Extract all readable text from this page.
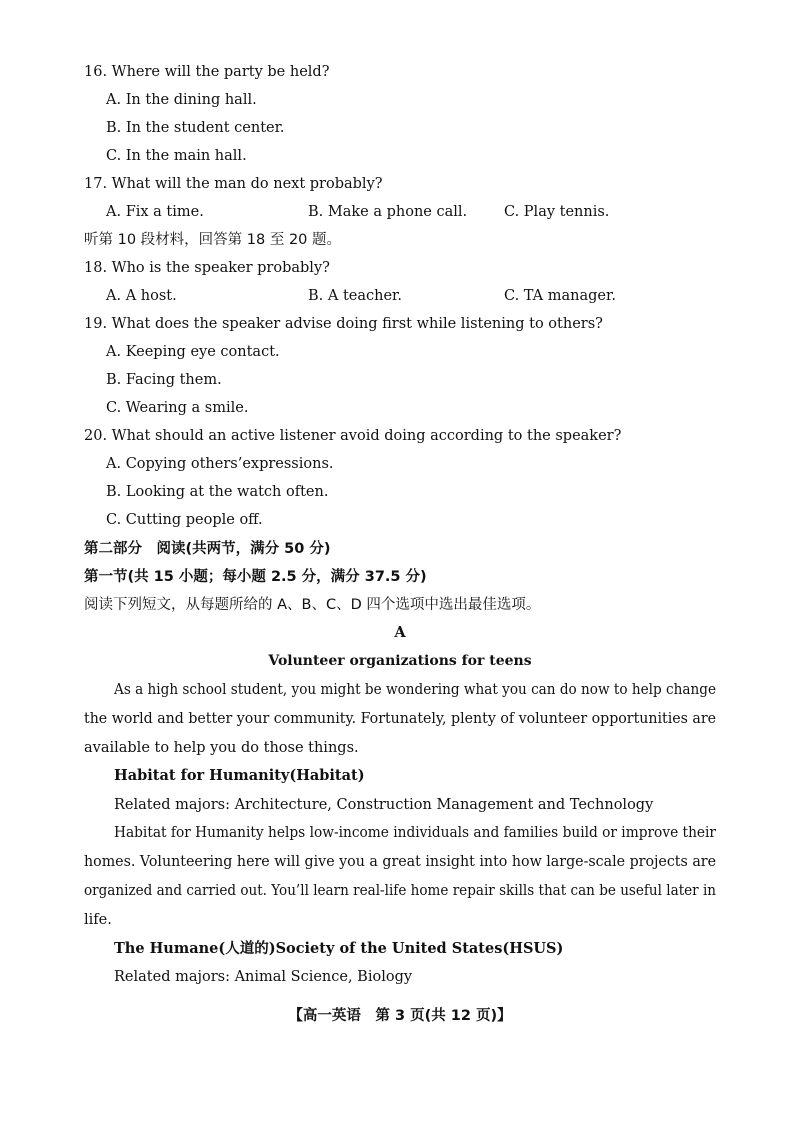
16. Where will the party be held?
A. In the dining hall.
B. In the student center.
C. In the main hall.
17. What will the man do next probably?
A. Fix a time.	B. Make a phone call.	C. Play tennis.
听第 10 段材料，回答第 18 至 20 题。
18. Who is the speaker probably?
A. A host.	B. A teacher.	C. TA manager.
19. What does the speaker advise doing first while listening to others?
A. Keeping eye contact.
B. Facing them.
C. Wearing a smile.
20. What should an active listener avoid doing according to the speaker?
A. Copying others’expressions.
B. Looking at the watch often.
C. Cutting people off.
第二部分　阅读(共两节，满分 50 分)
第一节(共 15 小题；每小题 2.5 分，满分 37.5 分)
阅读下列短文，从每题所给的 A、B、C、D 四个选项中选出最佳选项。
A
Volunteer organizations for teens
As a high school student, you might be wondering what you can do now to help change
the world and better your community. Fortunately, plenty of volunteer opportunities are
available to help you do those things.
Habitat for Humanity(Habitat)
Related majors: Architecture, Construction Management and Technology
Habitat for Humanity helps low-income individuals and families build or improve their
homes. Volunteering here will give you a great insight into how large-scale projects are
organized and carried out. You’ll learn real-life home repair skills that can be useful later in
life.
The Humane(人道的)Society of the United States(HSUS)
Related majors: Animal Science, Biology
【高一英语　第 3 页(共 12 页)】
